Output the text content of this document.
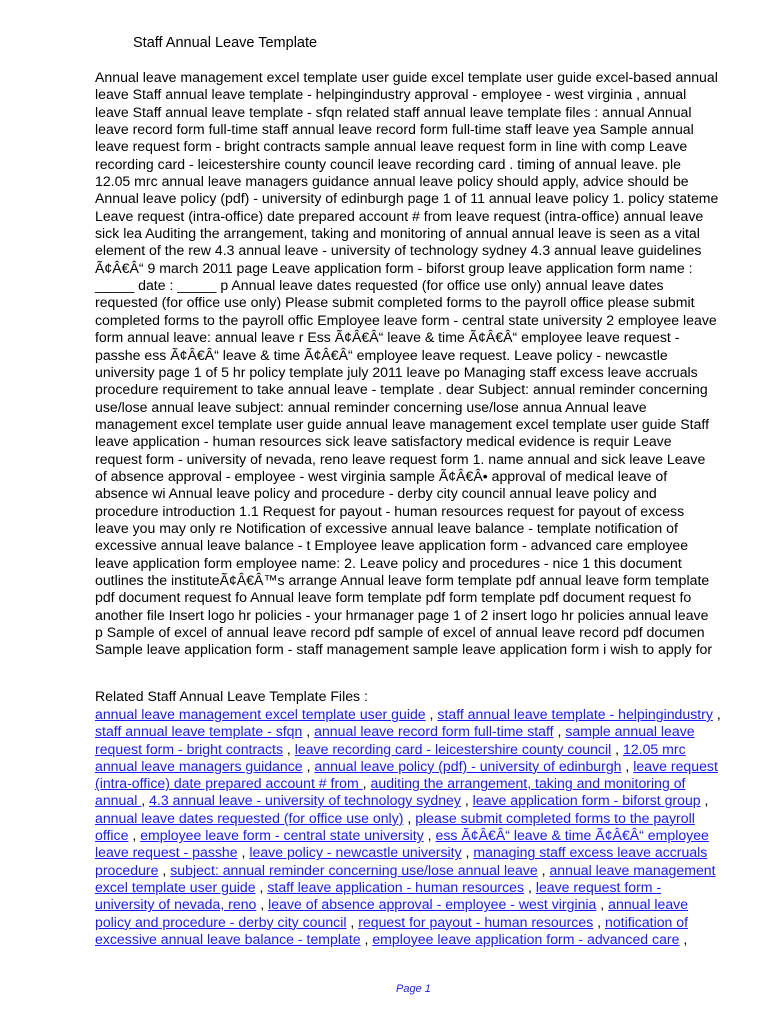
Staff Annual Leave Template
Annual leave management excel template user guide excel template user guide excel-based annual
leave Staff annual leave template - helpingindustry approval - employee - west virginia , annual
leave Staff annual leave template - sfqn related staff annual leave template files : annual Annual
leave record form full-time staff annual leave record form full-time staff leave yea Sample annual
leave request form - bright contracts sample annual leave request form in line with comp Leave
recording card - leicestershire county council leave recording card . timing of annual leave. ple
12.05 mrc annual leave managers guidance annual leave policy should apply, advice should be
Annual leave policy (pdf) - university of edinburgh page 1 of 11 annual leave policy 1. policy stateme
Leave request (intra-office) date prepared account # from leave request (intra-office) annual leave
sick lea Auditing the arrangement, taking and monitoring of annual annual leave is seen as a vital
element of the rew 4.3 annual leave - university of technology sydney 4.3 annual leave guidelines
Ã¢Â€Â“ 9 march 2011 page Leave application form - biforst group leave application form name :
_____ date : _____ p Annual leave dates requested (for office use only) annual leave dates
requested (for office use only) Please submit completed forms to the payroll office please submit
completed forms to the payroll offic Employee leave form - central state university 2 employee leave
form annual leave: annual leave r Ess Ã¢Â€Â“ leave & time Ã¢Â€Â“ employee leave request -
passhe ess Ã¢Â€Â“ leave & time Ã¢Â€Â“ employee leave request. Leave policy - newcastle
university page 1 of 5 hr policy template july 2011 leave po Managing staff excess leave accruals
procedure requirement to take annual leave - template . dear Subject: annual reminder concerning
use/lose annual leave subject: annual reminder concerning use/lose annua Annual leave
management excel template user guide annual leave management excel template user guide Staff
leave application - human resources sick leave satisfactory medical evidence is requir Leave
request form - university of nevada, reno leave request form 1. name annual and sick leave Leave
of absence approval - employee - west virginia sample Ã¢Â€Â• approval of medical leave of
absence wi Annual leave policy and procedure - derby city council annual leave policy and
procedure introduction 1.1 Request for payout - human resources request for payout of excess
leave you may only re Notification of excessive annual leave balance - template notification of
excessive annual leave balance - t Employee leave application form - advanced care employee
leave application form employee name: 2. Leave policy and procedures - nice 1 this document
outlines the instituteÃ¢Â€Â™s arrange Annual leave form template pdf annual leave form template
pdf document request fo Annual leave form template pdf form template pdf document request fo
another file Insert logo hr policies - your hrmanager page 1 of 2 insert logo hr policies annual leave
p Sample of excel of annual leave record pdf sample of excel of annual leave record pdf documen
Sample leave application form - staff management sample leave application form i wish to apply for
Related Staff Annual Leave Template Files :
annual leave management excel template user guide , staff annual leave template - helpingindustry ,
staff annual leave template - sfqn , annual leave record form full-time staff , sample annual leave
request form - bright contracts , leave recording card - leicestershire county council , 12.05 mrc
annual leave managers guidance , annual leave policy (pdf) - university of edinburgh , leave request
(intra-office) date prepared account # from , auditing the arrangement, taking and monitoring of
annual , 4.3 annual leave - university of technology sydney , leave application form - biforst group ,
annual leave dates requested (for office use only) , please submit completed forms to the payroll
office , employee leave form - central state university , ess Ã¢Â€Â“ leave & time Ã¢Â€Â“ employee
leave request - passhe , leave policy - newcastle university , managing staff excess leave accruals
procedure , subject: annual reminder concerning use/lose annual leave , annual leave management
excel template user guide , staff leave application - human resources , leave request form -
university of nevada, reno , leave of absence approval - employee - west virginia , annual leave
policy and procedure - derby city council , request for payout - human resources , notification of
excessive annual leave balance - template , employee leave application form - advanced care ,
Page 1
